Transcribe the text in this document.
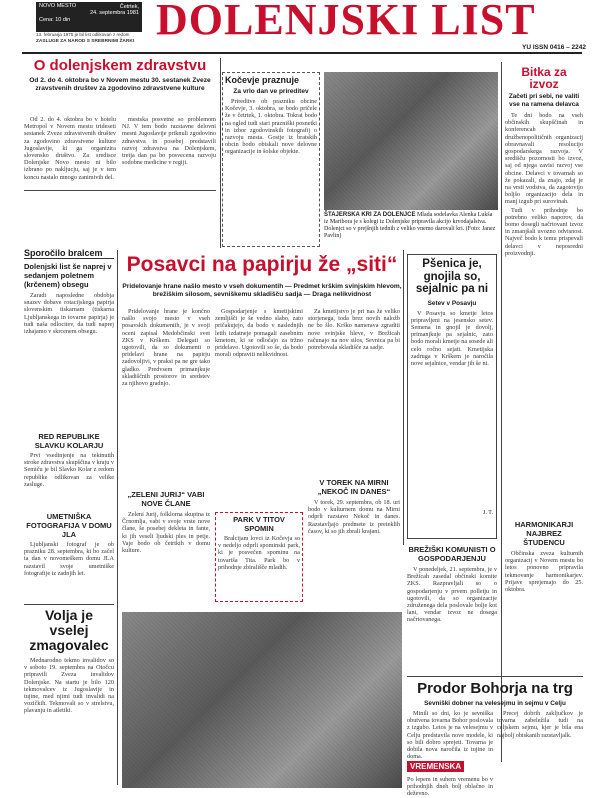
NOVO MESTO	Četrtek,
24. septembra 1981
Cena: 10 din
13. februarja 1975 je bil list odlikovan z redom
ZASLUGE ZA NAROD S SREBRNIMI ŽARKI DOLENJSKI LIST
YU ISSN 0416 – 2242
O dolenjskem zdravstvu
Od 2. do 4. oktobra bo v Novem mestu 30. sestanek Zveze zravstvenih društev za zgodovino zdravstvene kulture

Od 2. do 4. oktobra bo v hotelu Metropol v Novem mestu trideseti sestanek Zveze zdravstvenih društev za zgodovino zdravstvene kulture Jugoslavije, ki ga organizira slovensko društvo. Za sredisce Dolenjske Novo mesto ni bilo izbrano po nakljucju, saj je v tem koncu nastalo mnogo zanimivih del.

mestska posvetne so problemom NJ. V tem bodo razstavne delovni mesni Jugoslavije priknuli zgodovino zdravstva in posebej predstavili razvoj zdravstva na Dolenjskem, tretja dan pa bo posvecena razvoju sodobne medicine v regiji.

Kočevje praznuje
Za vrlo dan ve prireditev

Prireditve ob prazniku obcine Kočevje, 3. oktobra, se bodo pričele že v četrtek, 1. oktobra. Tokrat bodo na ogled tudi stari prazniški posnetki in izbor zgodovinskih fotografij o razvoju mesta. Gostje iz bratskih obcin bodo obiskali nove delovne organizacije in šolske objekte.

ŠTAJERSKA KRI ZA DOLENJCE Mlada sodelavka Alenka Lukša iz Maribora je s kolegi iz Dolenjske pripravila akcijo krvodajalstva. Dolenjci so v prejšnjih tednih z veliko vnemo darovali kri. (Foto: Janez Pavlin)
Bitka za izvoz
Začeti pri sebi, ne valiti vse na ramena delavca

Te dni bodo na vseh občinskih skupščinah in konferencah družbenopolitičnih organizacij obravnavali resolucijo gospodarskega razvoja. V središču pozornosti bo izvoz, saj od njega zavisi razvoj vse obcine. Delavci v tovarnah so že pokazali, da znajo, zdaj je na vrsti vodstva, da zagotovijo boljšo organizacijo dela in manj izgub pri surovinah.

Tudi v prihodnje bo potrebno veliko naporov, da bomo dosegli načrtovani izvoz in zmanjšali uvozno odvisnost. Največ bodo k temu prispevali delavci v neposredni proizvodnji.

Sporočilo bralcem
Dolenjski list še naprej v sedanjem poletnem (krčenem) obsegu

Zaradi naposledne obdobja snazev dobave rotacijskega papirja slovenskim tiskarnam (tiskarna Ljubljanskega in tovarne papirja) je tudi naša odlocitev, da tudi naprej izhajamo v skrcenem obsegu.

RED REPUBLIKE SLAVKU KOLARJU

Prvi vsedinjenje na tekinutih stroke zdravstva skupščina v kraju v Semiču je bil Slavko Kolar z redom republike odlikovan za velike zasluge.

UMETNIŠKA FOTOGRAFIJA V DOMU JLA

Ljubljanski fotograf je ob prazniku 28. septembra, ki bo začel ta dan v novomeškem domu JLA razstavil svoje umetniške fotografije iz zadnjih let.

Volja je vselej zmagovalec

Mednarodno tekmo invalidov so v soboto 19. septembra na Otočcu pripravili Zveza invalidov Dolenjske. Na startu je bilo 120 tekmovalcev iz Jugoslavije in tujine, med njimi tudi invalidi na vozičkih. Tekmovali so v strelstvu, plavanju in atletiki.

Posavci na papirju že „siti“
Pridelovanje hrane našlo mesto v vseh dokumentih — Predmet krškim svinjskim hlevom, brežiškim silosom, sevniškemu skladišču sadja — Draga nelikvidnost

Pridelovanje hrane je končno našlo svojo mesto v vseh posavskih dokumentih, je v svoji oceni zapisal Medobčinski svet ZKS v Krškem. Delegati so ugotovili, da so dokumenti o pridelavi hrane na papirju zadovoljivi, v praksi pa ne gre tako gladko. Predvsem primanjkuje skladiščnih prostorov in sredstev za njihovo gradnjo.

Gospodarjenje s kmetijskimi zemljišči je še vedno slabo, zato pričakujejo, da bodo v naslednjih letih izdatneje pomagali zasebnim kmetom, ki se odločajo za tržno pridelavo. Ugotovili so še, da bodo morali odpraviti nelikvidnost.

Za kmetijstvo je pri nas že veliko storjenega, toda brez novih naložb ne bo šlo. Krško namerava zgraditi nove svinjske hleve, v Brežicah računajo na nov silos, Sevnica pa bi potrebovala skladišče za sadje.

„ZELENI JURIJ“ VABI NOVE ČLANE

Zeleni Jurij, folklorna skupina iz Črnomlja, vabi v svoje vrste nove člane, še posebej dekleta in fante, ki jih veseli ljudski ples in petje. Vaje bodo ob četrtkih v domu kulture.

PARK V TITOV SPOMIN

Bralcijam lovci iz Kočevja so v nedeljo odprli spominski park, ki je posvečen spominu na tovariša Tita. Park bo v prihodnje zbirališče mladih.

V TOREK NA MIRNI „NEKOČ IN DANES“

V torek, 29. septembra, ob 18. uri bodo v kulturnem domu na Mirni odprli razstavo Nekoč in danes. Razstavljajo predmete iz preteklih časov, ki so jih zbrali krajani.

Pšenica je, gnojila so, sejalnic pa ni
Setev v Posavju

V Posavju so kmetje letos pripravljeni na jesensko setev. Semena in gnojil je dovolj, primanjkuje pa sejalnic, zato bodo morali kmetje na sosede ali celo ročno sejati. Kmetijska zadruga v Krškem je naročila nove sejalnice, vendar jih še ni.

J. T.
HARMONIKARJI NAJBREZ ŠTUDENCU

Občinska zveza kulturnih organizacij v Novem mestu bo letos ponovno pripravila tekmovanje harmonikarjev. Prijave sprejemajo do 25. oktobra.

BREŽIŠKI KOMUNISTI O GOSPODARJENJU

V ponedeljek, 21. septembra, je v Brežicah zasedal občinski komite ZKS. Razpravljali so o gospodarjenju v prvem polletju in ugotovili, da so organizacije združenega dela poslovale bolje kot lani, vendar izvoz ne dosega načrtovanega.

Prodor Bohorja na trg
Sevniški dobner na velesejmu in sejmu v Celju

Minili so dni, ko je sevniška obutvena tovarna Bohor poslovala z izgubo. Letos je na velesejmu v Celju predstavila nove modele, ki so bili dobro sprejeti. Tovarna je dobila nova naročila iz tujine in doma.

Precej dobrih zaključkov je tovarna zabeležila tudi na celjskem sejmu, kjer je bila ena najbolj obiskanih razstavljalk.

VREMENSKA
Po lepem in suhem vremenu bo v prihodnjih dneh bolj oblačno in deževno.
